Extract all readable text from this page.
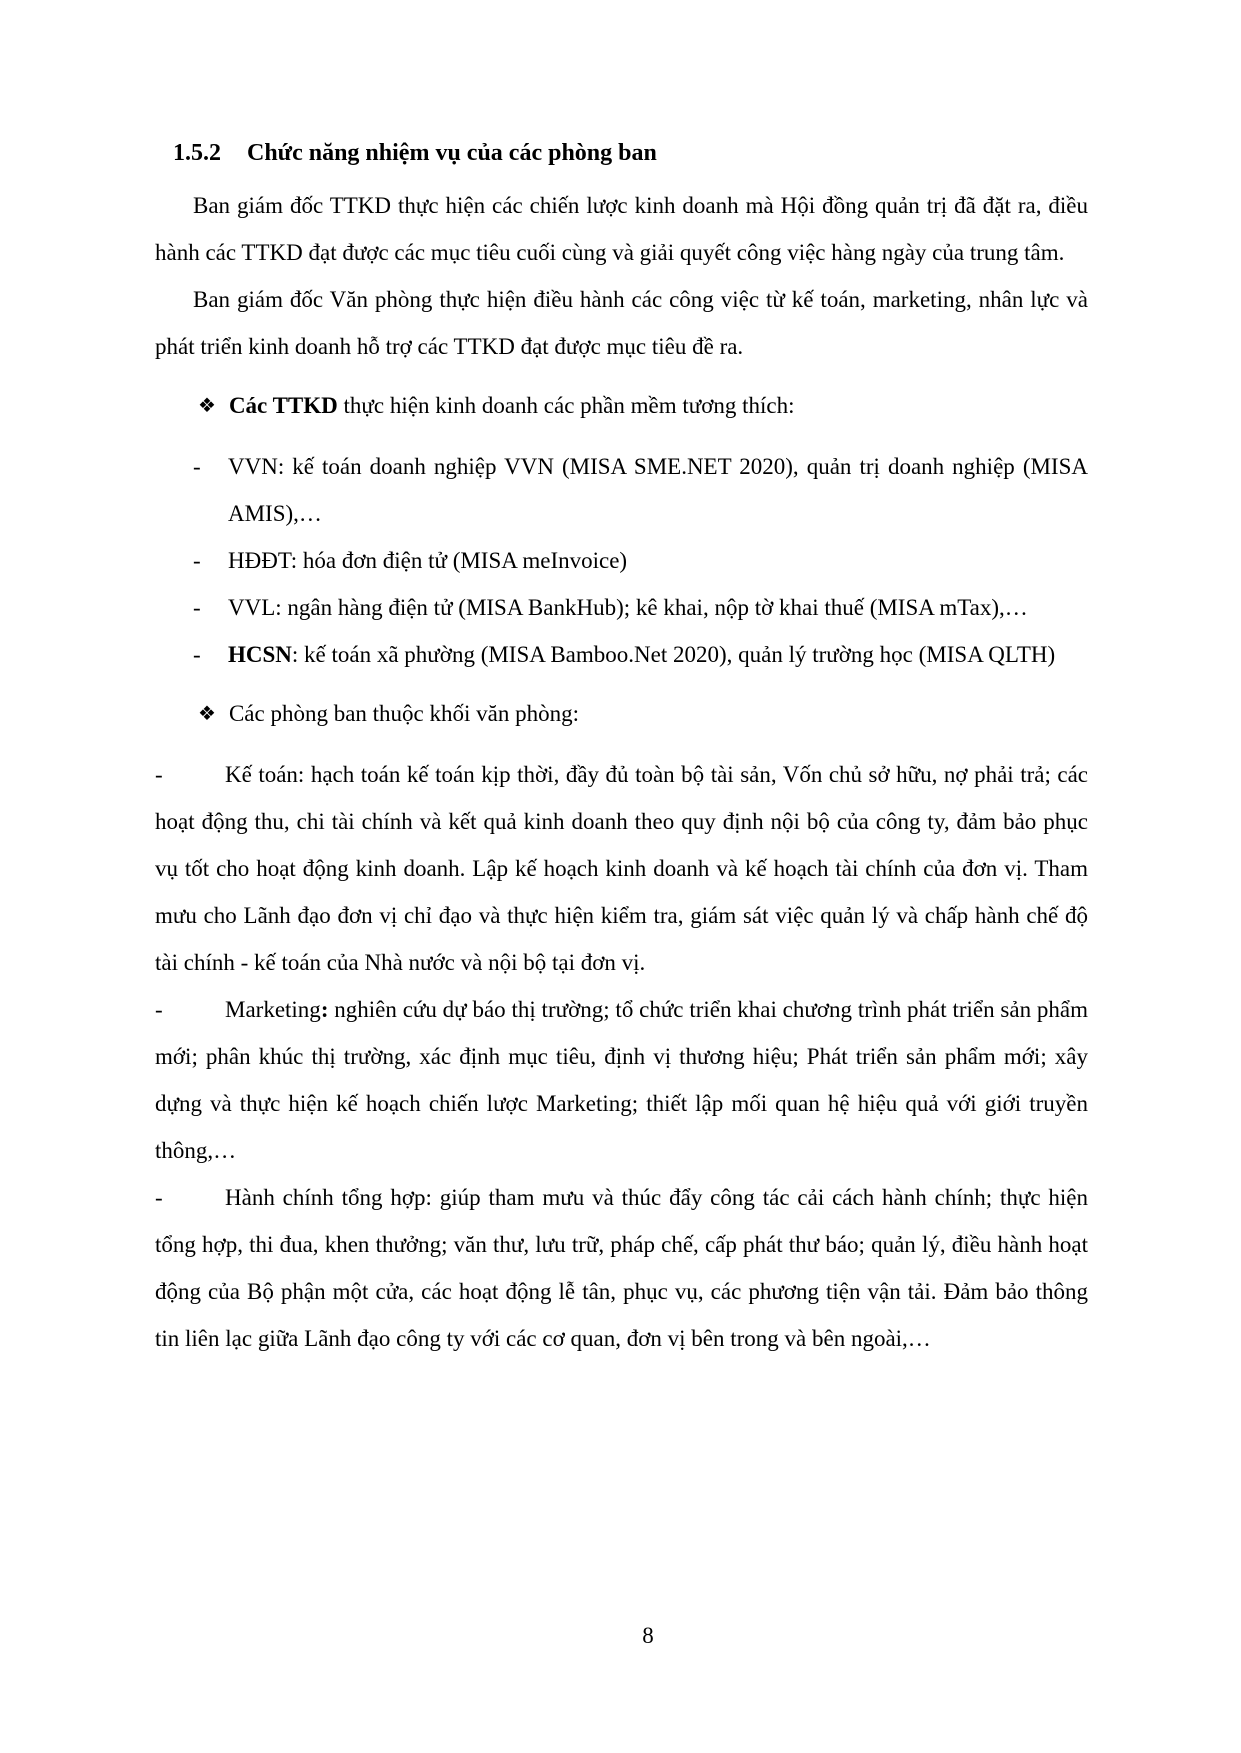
1.5.2 Chức năng nhiệm vụ của các phòng ban
Ban giám đốc TTKD thực hiện các chiến lược kinh doanh mà Hội đồng quản trị đã đặt ra, điều hành các TTKD đạt được các mục tiêu cuối cùng và giải quyết công việc hàng ngày của trung tâm.
Ban giám đốc Văn phòng thực hiện điều hành các công việc từ kế toán, marketing, nhân lực và phát triển kinh doanh hỗ trợ các TTKD đạt được mục tiêu đề ra.
❖ Các TTKD thực hiện kinh doanh các phần mềm tương thích:
- VVN: kế toán doanh nghiệp VVN (MISA SME.NET 2020), quản trị doanh nghiệp (MISA AMIS),…
- HĐĐT: hóa đơn điện tử (MISA meInvoice)
- VVL: ngân hàng điện tử (MISA BankHub); kê khai, nộp tờ khai thuế (MISA mTax),…
- HCSN: kế toán xã phường (MISA Bamboo.Net 2020), quản lý trường học (MISA QLTH)
❖ Các phòng ban thuộc khối văn phòng:
-	Kế toán: hạch toán kế toán kịp thời, đầy đủ toàn bộ tài sản, Vốn chủ sở hữu, nợ phải trả; các hoạt động thu, chi tài chính và kết quả kinh doanh theo quy định nội bộ của công ty, đảm bảo phục vụ tốt cho hoạt động kinh doanh. Lập kế hoạch kinh doanh và kế hoạch tài chính của đơn vị. Tham mưu cho Lãnh đạo đơn vị chỉ đạo và thực hiện kiểm tra, giám sát việc quản lý và chấp hành chế độ tài chính - kế toán của Nhà nước và nội bộ tại đơn vị.
-	Marketing: nghiên cứu dự báo thị trường; tổ chức triển khai chương trình phát triển sản phẩm mới; phân khúc thị trường, xác định mục tiêu, định vị thương hiệu; Phát triển sản phẩm mới; xây dựng và thực hiện kế hoạch chiến lược Marketing; thiết lập mối quan hệ hiệu quả với giới truyền thông,…
-	Hành chính tổng hợp: giúp tham mưu và thúc đẩy công tác cải cách hành chính; thực hiện tổng hợp, thi đua, khen thưởng; văn thư, lưu trữ, pháp chế, cấp phát thư báo; quản lý, điều hành hoạt động của Bộ phận một cửa, các hoạt động lễ tân, phục vụ, các phương tiện vận tải. Đảm bảo thông tin liên lạc giữa Lãnh đạo công ty với các cơ quan, đơn vị bên trong và bên ngoài,…
8
